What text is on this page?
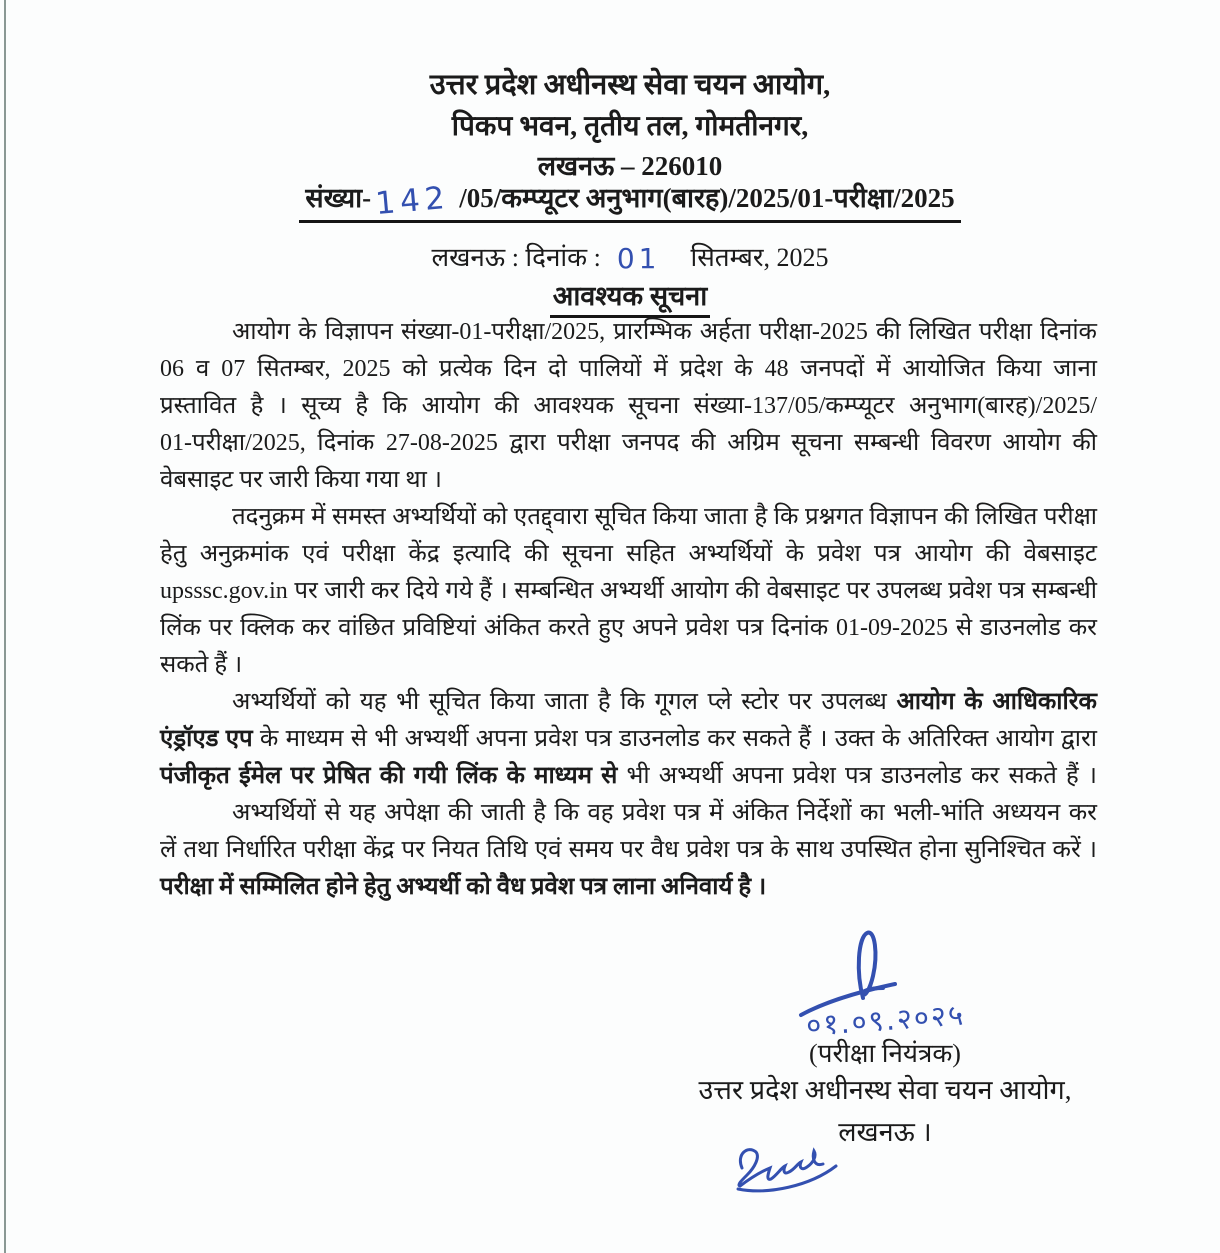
उत्तर प्रदेश अधीनस्थ सेवा चयन आयोग,
पिकप भवन, तृतीय तल, गोमतीनगर,
लखनऊ – 226010
संख्या-142 /05/कम्प्यूटर अनुभाग(बारह)/2025/01-परीक्षा/2025
लखनऊ : दिनांक : 01 सितम्बर, 2025
आवश्यक सूचना
आयोग के विज्ञापन संख्या-01-परीक्षा/2025, प्रारम्भिक अर्हता परीक्षा-2025 की लिखित परीक्षा दिनांक
06 व 07 सितम्बर, 2025 को प्रत्येक दिन दो पालियों में प्रदेश के 48 जनपदों में आयोजित किया जाना
प्रस्तावित है । सूच्य है कि आयोग की आवश्यक सूचना संख्या-137/05/कम्प्यूटर अनुभाग(बारह)/2025/
01-परीक्षा/2025, दिनांक 27-08-2025 द्वारा परीक्षा जनपद की अग्रिम सूचना सम्बन्धी विवरण आयोग की
वेबसाइट पर जारी किया गया था ।
तदनुक्रम में समस्त अभ्यर्थियों को एतद्द्वारा सूचित किया जाता है कि प्रश्नगत विज्ञापन की लिखित परीक्षा
हेतु अनुक्रमांक एवं परीक्षा केंद्र इत्यादि की सूचना सहित अभ्यर्थियों के प्रवेश पत्र आयोग की वेबसाइट
upsssc.gov.in पर जारी कर दिये गये हैं । सम्बन्धित अभ्यर्थी आयोग की वेबसाइट पर उपलब्ध प्रवेश पत्र सम्बन्धी
लिंक पर क्लिक कर वांछित प्रविष्टियां अंकित करते हुए अपने प्रवेश पत्र दिनांक 01-09-2025 से डाउनलोड कर
सकते हैं ।
अभ्यर्थियों को यह भी सूचित किया जाता है कि गूगल प्ले स्टोर पर उपलब्ध आयोग के आधिकारिक
एंड्रॉएड एप के माध्यम से भी अभ्यर्थी अपना प्रवेश पत्र डाउनलोड कर सकते हैं । उक्त के अतिरिक्त आयोग द्वारा
पंजीकृत ईमेल पर प्रेषित की गयी लिंक के माध्यम से भी अभ्यर्थी अपना प्रवेश पत्र डाउनलोड कर सकते हैं ।
अभ्यर्थियों से यह अपेक्षा की जाती है कि वह प्रवेश पत्र में अंकित निर्देशों का भली-भांति अध्ययन कर
लें तथा निर्धारित परीक्षा केंद्र पर नियत तिथि एवं समय पर वैध प्रवेश पत्र के साथ उपस्थित होना सुनिश्चित करें ।
परीक्षा में सम्मिलित होने हेतु अभ्यर्थी को वैध प्रवेश पत्र लाना अनिवार्य है ।
०१.०९.२०२५
(परीक्षा नियंत्रक)
उत्तर प्रदेश अधीनस्थ सेवा चयन आयोग,
लखनऊ ।
